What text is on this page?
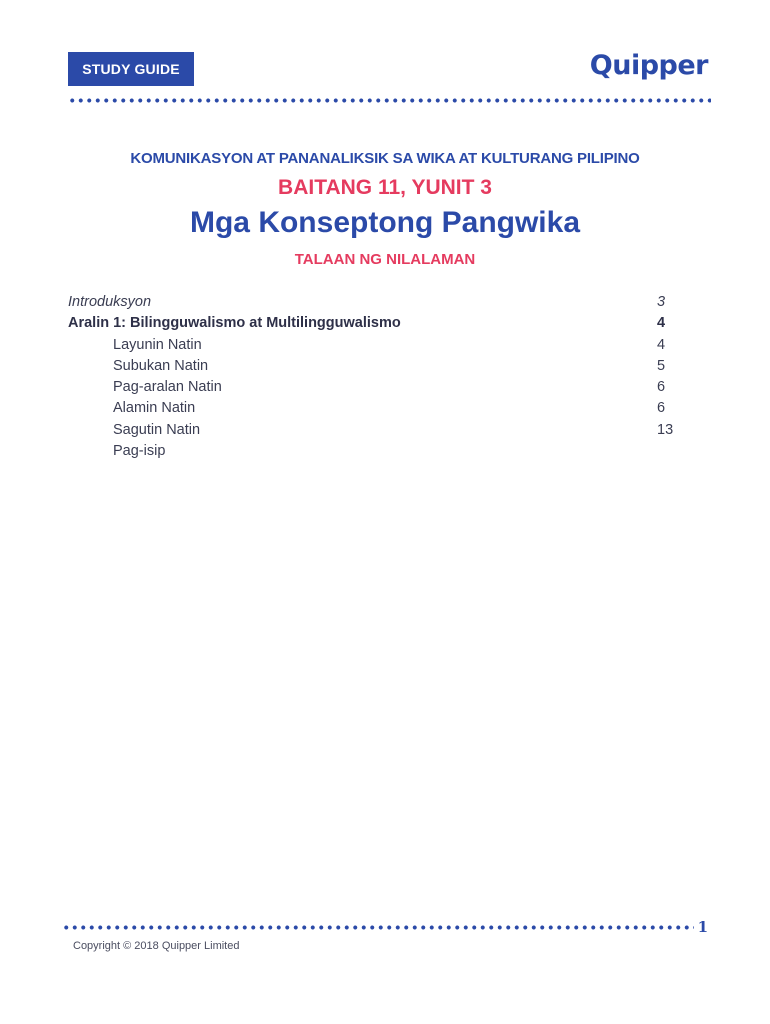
STUDY GUIDE	Quipper
KOMUNIKASYON AT PANANALIKSIK SA WIKA AT KULTURANG PILIPINO
BAITANG 11, YUNIT 3
Mga Konseptong Pangwika
TALAAN NG NILALAMAN
Introduksyon	3
Aralin 1: Bilingguwalismo at Multilingguwalismo	4
Layunin Natin	4
Subukan Natin	5
Pag-aralan Natin	6
Alamin Natin	6
Sagutin Natin	13
Pag-isip
1
Copyright © 2018 Quipper Limited
